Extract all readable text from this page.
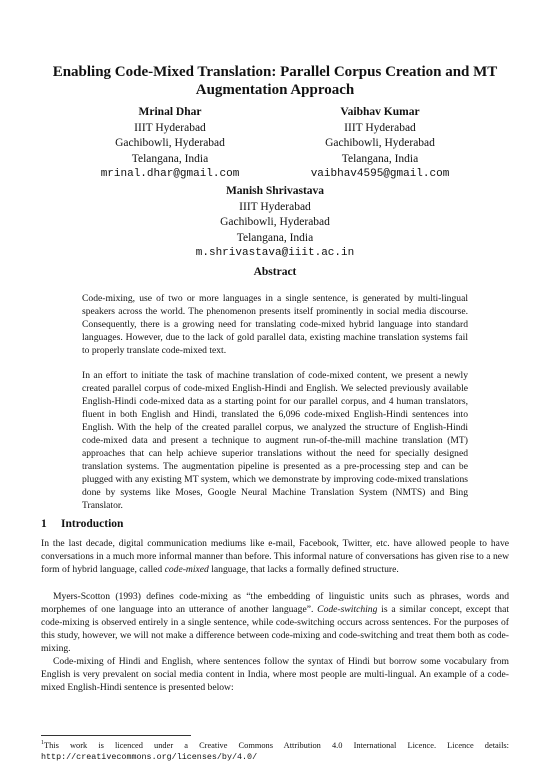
Enabling Code-Mixed Translation: Parallel Corpus Creation and MT Augmentation Approach
Mrinal Dhar
IIIT Hyderabad
Gachibowli, Hyderabad
Telangana, India
mrinal.dhar@gmail.com
Vaibhav Kumar
IIIT Hyderabad
Gachibowli, Hyderabad
Telangana, India
vaibhav4595@gmail.com
Manish Shrivastava
IIIT Hyderabad
Gachibowli, Hyderabad
Telangana, India
m.shrivastava@iiit.ac.in
Abstract

Code-mixing, use of two or more languages in a single sentence, is generated by multi-lingual speakers across the world. The phenomenon presents itself prominently in social media discourse. Consequently, there is a growing need for translating code-mixed hybrid language into standard languages. However, due to the lack of gold parallel data, existing machine translation systems fail to properly translate code-mixed text.

In an effort to initiate the task of machine translation of code-mixed content, we present a newly created parallel corpus of code-mixed English-Hindi and English. We selected previously available English-Hindi code-mixed data as a starting point for our parallel corpus, and 4 human translators, fluent in both English and Hindi, translated the 6,096 code-mixed English-Hindi sentences into English. With the help of the created parallel corpus, we analyzed the structure of English-Hindi code-mixed data and present a technique to augment run-of-the-mill machine translation (MT) approaches that can help achieve superior translations without the need for specially designed translation systems. The augmentation pipeline is presented as a pre-processing step and can be plugged with any existing MT system, which we demonstrate by improving code-mixed translations done by systems like Moses, Google Neural Machine Translation System (NMTS) and Bing Translator.

1 Introduction

In the last decade, digital communication mediums like e-mail, Facebook, Twitter, etc. have allowed people to have conversations in a much more informal manner than before. This informal nature of conversations has given rise to a new form of hybrid language, called code-mixed language, that lacks a formally defined structure.

Myers-Scotton (1993) defines code-mixing as “the embedding of linguistic units such as phrases, words and morphemes of one language into an utterance of another language”. Code-switching is a similar concept, except that code-mixing is observed entirely in a single sentence, while code-switching occurs across sentences. For the purposes of this study, however, we will not make a difference between code-mixing and code-switching and treat them both as code-mixing.

Code-mixing of Hindi and English, where sentences follow the syntax of Hindi but borrow some vocabulary from English is very prevalent on social media content in India, where most people are multi-lingual. An example of a code-mixed English-Hindi sentence is presented below:

$^1$This work is licenced under a Creative Commons Attribution 4.0 International Licence. Licence details: http://creativecommons.org/licenses/by/4.0/
